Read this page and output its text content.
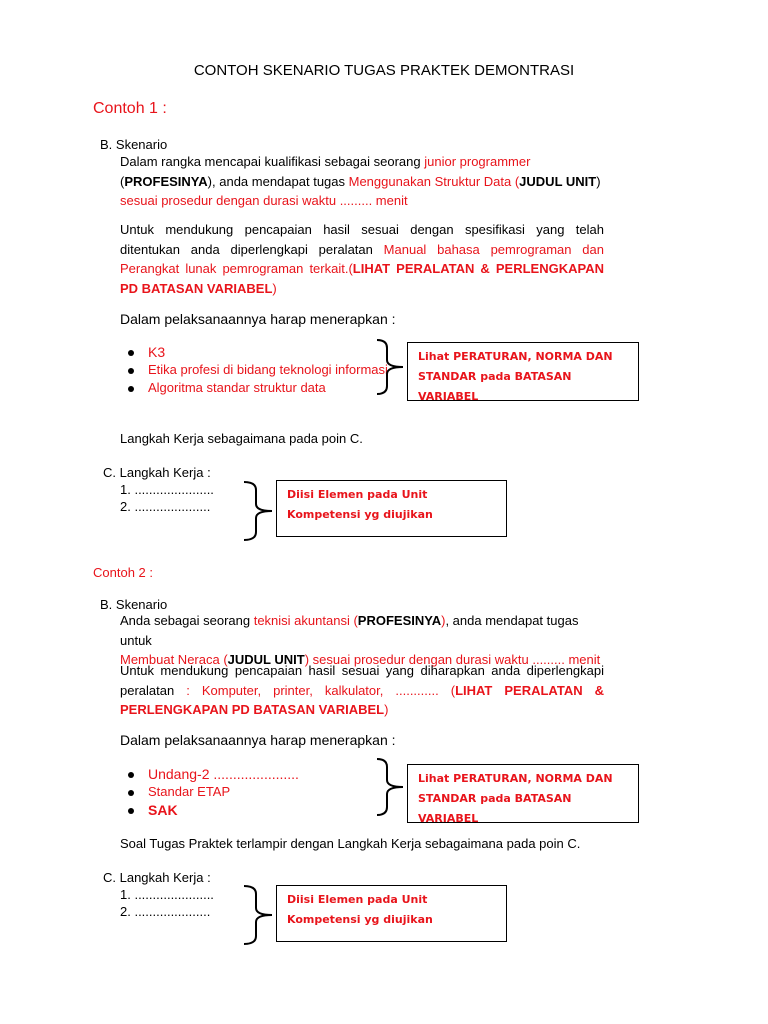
CONTOH SKENARIO TUGAS PRAKTEK DEMONTRASI
Contoh 1 :
B. Skenario

Dalam rangka mencapai kualifikasi sebagai seorang junior programmer

(PROFESINYA), anda mendapat tugas Menggunakan Struktur Data (JUDUL UNIT)

sesuai prosedur dengan durasi waktu ......... menit

Untuk mendukung pencapaian hasil sesuai dengan spesifikasi yang telah ditentukan anda diperlengkapi peralatan Manual bahasa pemrograman dan Perangkat lunak pemrograman terkait.(LIHAT PERALATAN & PERLENGKAPAN PD BATASAN VARIABEL)

Dalam pelaksanaannya harap menerapkan :
K3
Etika profesi di bidang teknologi informasi
Algoritma standar struktur data
Lihat PERATURAN, NORMA DAN STANDAR pada BATASAN VARIABEL
Langkah Kerja sebagaimana pada poin C.
C. Langkah Kerja :
1. ......................
2. .....................
Diisi Elemen pada Unit Kompetensi yg diujikan
Contoh 2 :
B. Skenario

Anda sebagai seorang teknisi akuntansi (PROFESINYA), anda mendapat tugas untuk

Membuat Neraca (JUDUL UNIT) sesuai prosedur dengan durasi waktu ......... menit

Untuk mendukung pencapaian hasil sesuai yang diharapkan anda diperlengkapi peralatan : Komputer, printer, kalkulator, ............ (LIHAT PERALATAN & PERLENGKAPAN PD BATASAN VARIABEL)

Dalam pelaksanaannya harap menerapkan :
Undang-2 ......................
Standar ETAP
SAK
Lihat PERATURAN, NORMA DAN STANDAR pada BATASAN VARIABEL
Soal Tugas Praktek terlampir dengan Langkah Kerja sebagaimana pada poin C.
C. Langkah Kerja :
1. ......................
2. .....................
Diisi Elemen pada Unit Kompetensi yg diujikan
